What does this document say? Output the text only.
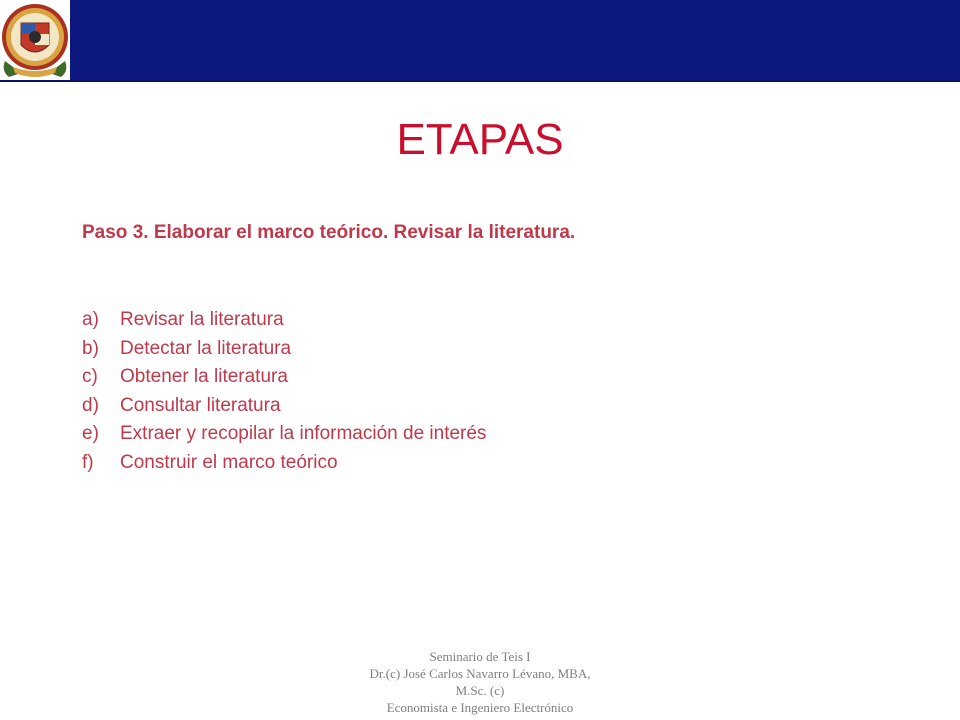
ETAPAS
Paso 3. Elaborar el marco teórico. Revisar la literatura.
a)	Revisar la literatura
b)	Detectar la literatura
c)	Obtener la literatura
d)	Consultar literatura
e)	Extraer y recopilar la información de interés
f)	Construir el marco teórico
Seminario de Teis I
Dr.(c) José Carlos Navarro Lévano, MBA,
M.Sc. (c)
Economista e Ingeniero Electrónico
